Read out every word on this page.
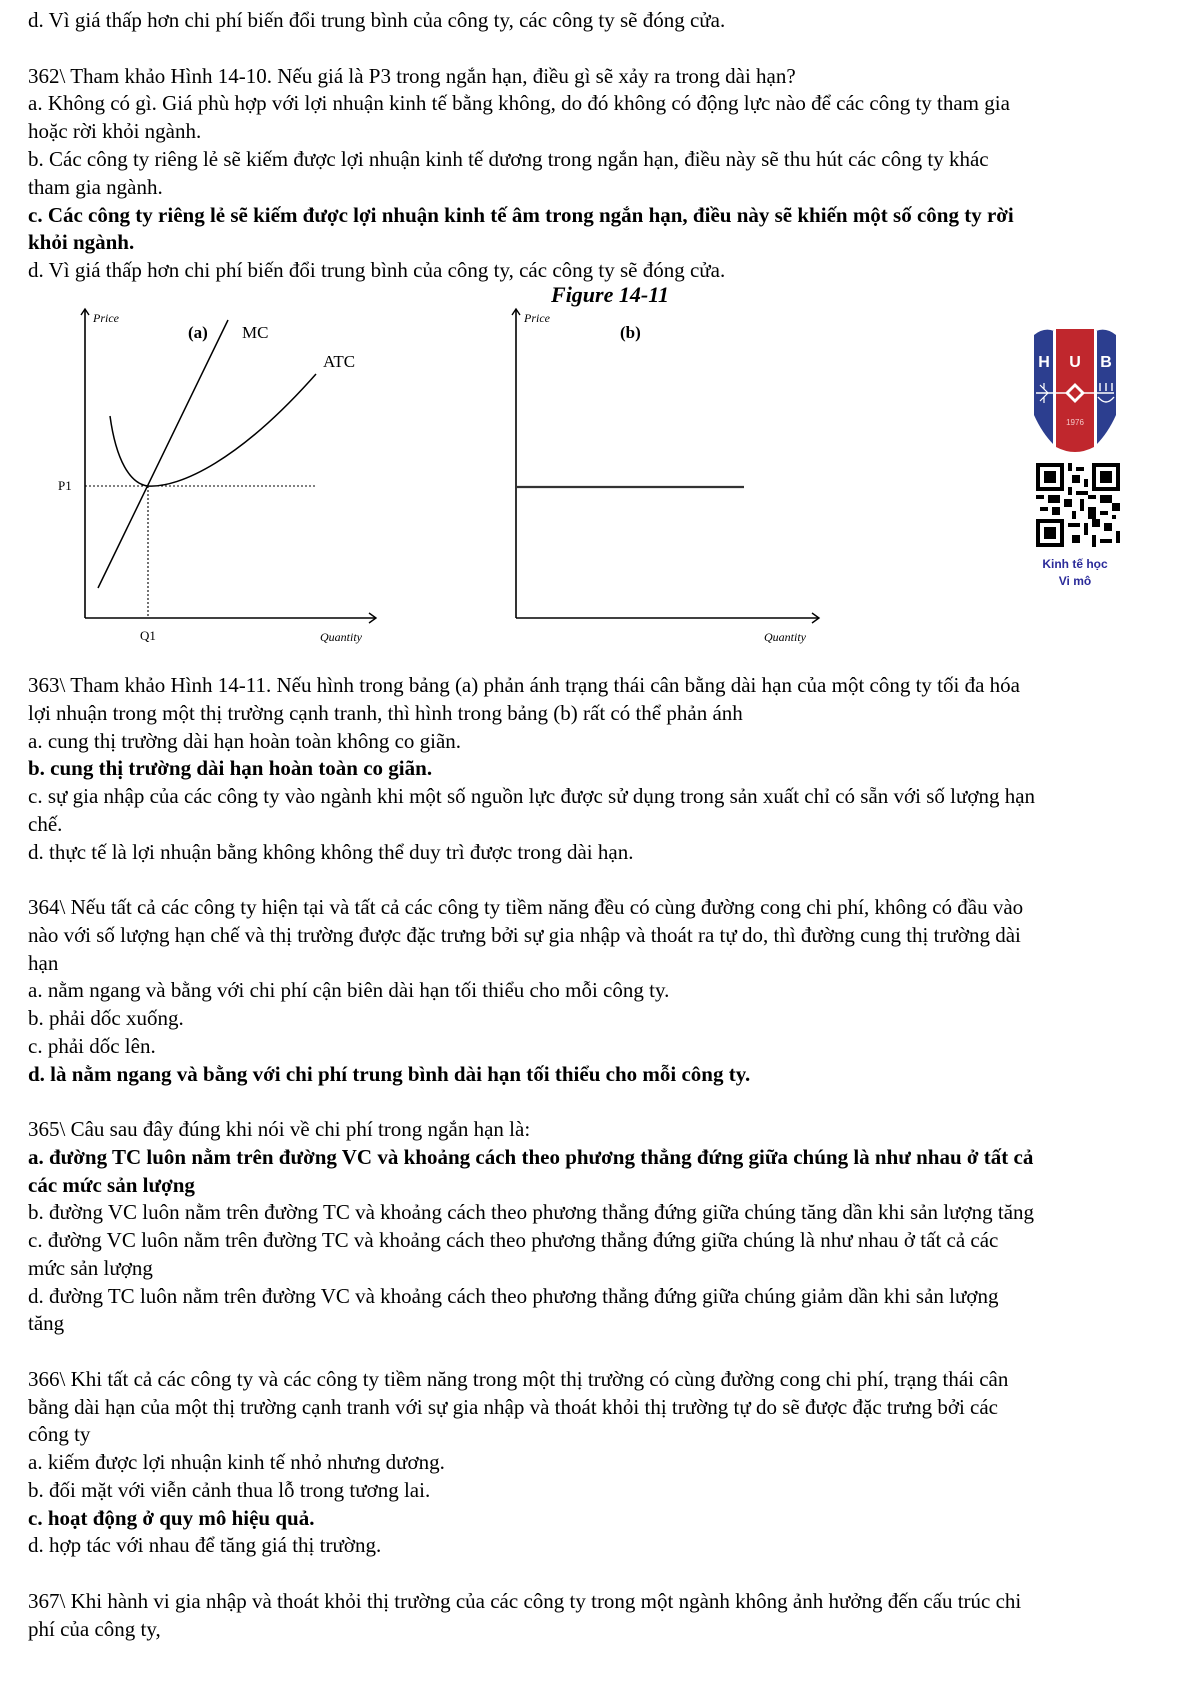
d. Vì giá thấp hơn chi phí biến đổi trung bình của công ty, các công ty sẽ đóng cửa.
362\ Tham khảo Hình 14-10. Nếu giá là P3 trong ngắn hạn, điều gì sẽ xảy ra trong dài hạn?
a. Không có gì. Giá phù hợp với lợi nhuận kinh tế bằng không, do đó không có động lực nào để các công ty tham gia
hoặc rời khỏi ngành.
b. Các công ty riêng lẻ sẽ kiếm được lợi nhuận kinh tế dương trong ngắn hạn, điều này sẽ thu hút các công ty khác
tham gia ngành.
c. Các công ty riêng lẻ sẽ kiếm được lợi nhuận kinh tế âm trong ngắn hạn, điều này sẽ khiến một số công ty rời
khỏi ngành.
d. Vì giá thấp hơn chi phí biến đổi trung bình của công ty, các công ty sẽ đóng cửa.
Figure 14-11
Price
Quantity
(a) MC
ATC
P1
Q1
Price
Quantity
(b)
H U B
1976
Kinh tế học
Vi mô
363\ Tham khảo Hình 14-11. Nếu hình trong bảng (a) phản ánh trạng thái cân bằng dài hạn của một công ty tối đa hóa
lợi nhuận trong một thị trường cạnh tranh, thì hình trong bảng (b) rất có thể phản ánh
a. cung thị trường dài hạn hoàn toàn không co giãn.
b. cung thị trường dài hạn hoàn toàn co giãn.
c. sự gia nhập của các công ty vào ngành khi một số nguồn lực được sử dụng trong sản xuất chỉ có sẵn với số lượng hạn
chế.
d. thực tế là lợi nhuận bằng không không thể duy trì được trong dài hạn.
364\ Nếu tất cả các công ty hiện tại và tất cả các công ty tiềm năng đều có cùng đường cong chi phí, không có đầu vào
nào với số lượng hạn chế và thị trường được đặc trưng bởi sự gia nhập và thoát ra tự do, thì đường cung thị trường dài
hạn
a. nằm ngang và bằng với chi phí cận biên dài hạn tối thiểu cho mỗi công ty.
b. phải dốc xuống.
c. phải dốc lên.
d. là nằm ngang và bằng với chi phí trung bình dài hạn tối thiểu cho mỗi công ty.
365\ Câu sau đây đúng khi nói về chi phí trong ngắn hạn là:
a. đường TC luôn nằm trên đường VC và khoảng cách theo phương thẳng đứng giữa chúng là như nhau ở tất cả
các mức sản lượng
b. đường VC luôn nằm trên đường TC và khoảng cách theo phương thẳng đứng giữa chúng tăng dần khi sản lượng tăng
c. đường VC luôn nằm trên đường TC và khoảng cách theo phương thẳng đứng giữa chúng là như nhau ở tất cả các
mức sản lượng
d. đường TC luôn nằm trên đường VC và khoảng cách theo phương thẳng đứng giữa chúng giảm dần khi sản lượng
tăng
366\ Khi tất cả các công ty và các công ty tiềm năng trong một thị trường có cùng đường cong chi phí, trạng thái cân
bằng dài hạn của một thị trường cạnh tranh với sự gia nhập và thoát khỏi thị trường tự do sẽ được đặc trưng bởi các
công ty
a. kiếm được lợi nhuận kinh tế nhỏ nhưng dương.
b. đối mặt với viễn cảnh thua lỗ trong tương lai.
c. hoạt động ở quy mô hiệu quả.
d. hợp tác với nhau để tăng giá thị trường.
367\ Khi hành vi gia nhập và thoát khỏi thị trường của các công ty trong một ngành không ảnh hưởng đến cấu trúc chi
phí của công ty,
